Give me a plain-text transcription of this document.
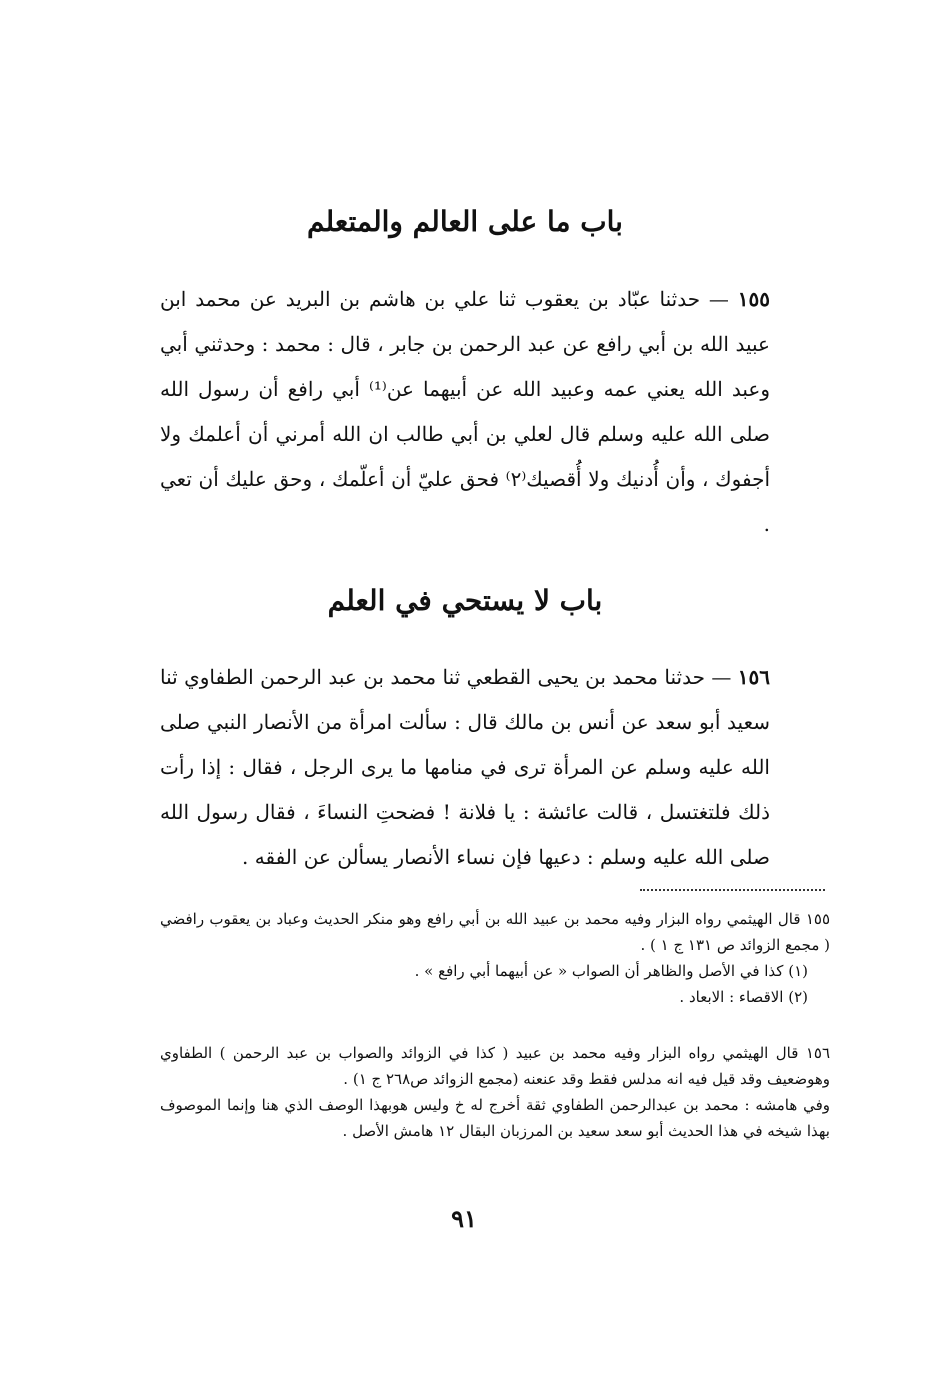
باب ما على العالم والمتعلم

١٥٥ — حدثنا عبّاد بن يعقوب ثنا علي بن هاشم بن البريد عن محمد ابن عبيد الله بن أبي رافع عن عبد الرحمن بن جابر ، قال : محمد : وحدثني أبي وعبد الله يعني عمه وعبيد الله عن أبيهما عن⁽¹⁾ أبي رافع أن رسول الله صلى الله عليه وسلم قال لعلي بن أبي طالب ان الله أمرني أن أعلمك ولا أجفوك ، وأن أُدنيك ولا أُقصيك⁽٢⁾ فحق عليّ أن أعلّمك ، وحق عليك أن تعي .

باب لا يستحي في العلم

١٥٦ — حدثنا محمد بن يحيى القطعي ثنا محمد بن عبد الرحمن الطفاوي ثنا سعيد أبو سعد عن أنس بن مالك قال : سألت امرأة من الأنصار النبي صلى الله عليه وسلم عن المرأة ترى في منامها ما يرى الرجل ، فقال : إذا رأت ذلك فلتغتسل ، قالت عائشة : يا فلانة ! فضحتِ النساءَ ، فقال رسول الله صلى الله عليه وسلم : دعيها فإن نساء الأنصار يسألن عن الفقه .

١٥٥ قال الهيثمي رواه البزار وفيه محمد بن عبيد الله بن أبي رافع وهو منكر الحديث وعباد بن يعقوب رافضي ( مجمع الزوائد ص ١٣١ ج ١ ) .

(١) كذا في الأصل والظاهر أن الصواب « عن أبيهما أبي رافع » .

(٢) الاقصاء : الابعاد .

١٥٦ قال الهيثمي رواه البزار وفيه محمد بن عبيد ( كذا في الزوائد والصواب بن عبد الرحمن ) الطفاوي وهوضعيف وقد قيل فيه انه مدلس فقط وقد عنعنه (مجمع الزوائد ص٢٦٨ ج ١) .

وفي هامشه : محمد بن عبدالرحمن الطفاوي ثقة أخرج له خ وليس هوبهذا الوصف الذي هنا وإنما الموصوف بهذا شيخه في هذا الحديث أبو سعد سعيد بن المرزبان البقال ١٢ هامش الأصل .

٩١
